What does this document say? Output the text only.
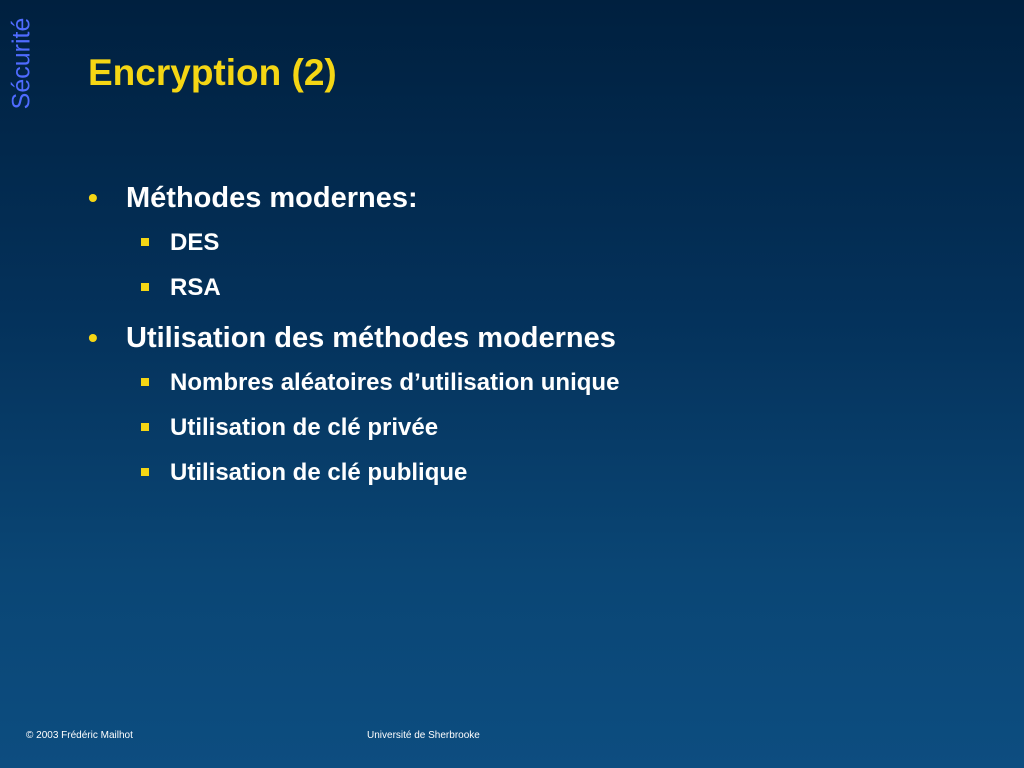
Sécurité Encryption (2)
• Méthodes modernes:
DES
RSA
• Utilisation des méthodes modernes
Nombres aléatoires d’utilisation unique
Utilisation de clé privée
Utilisation de clé publique
© 2003 Frédéric Mailhot	Université de Sherbrooke
